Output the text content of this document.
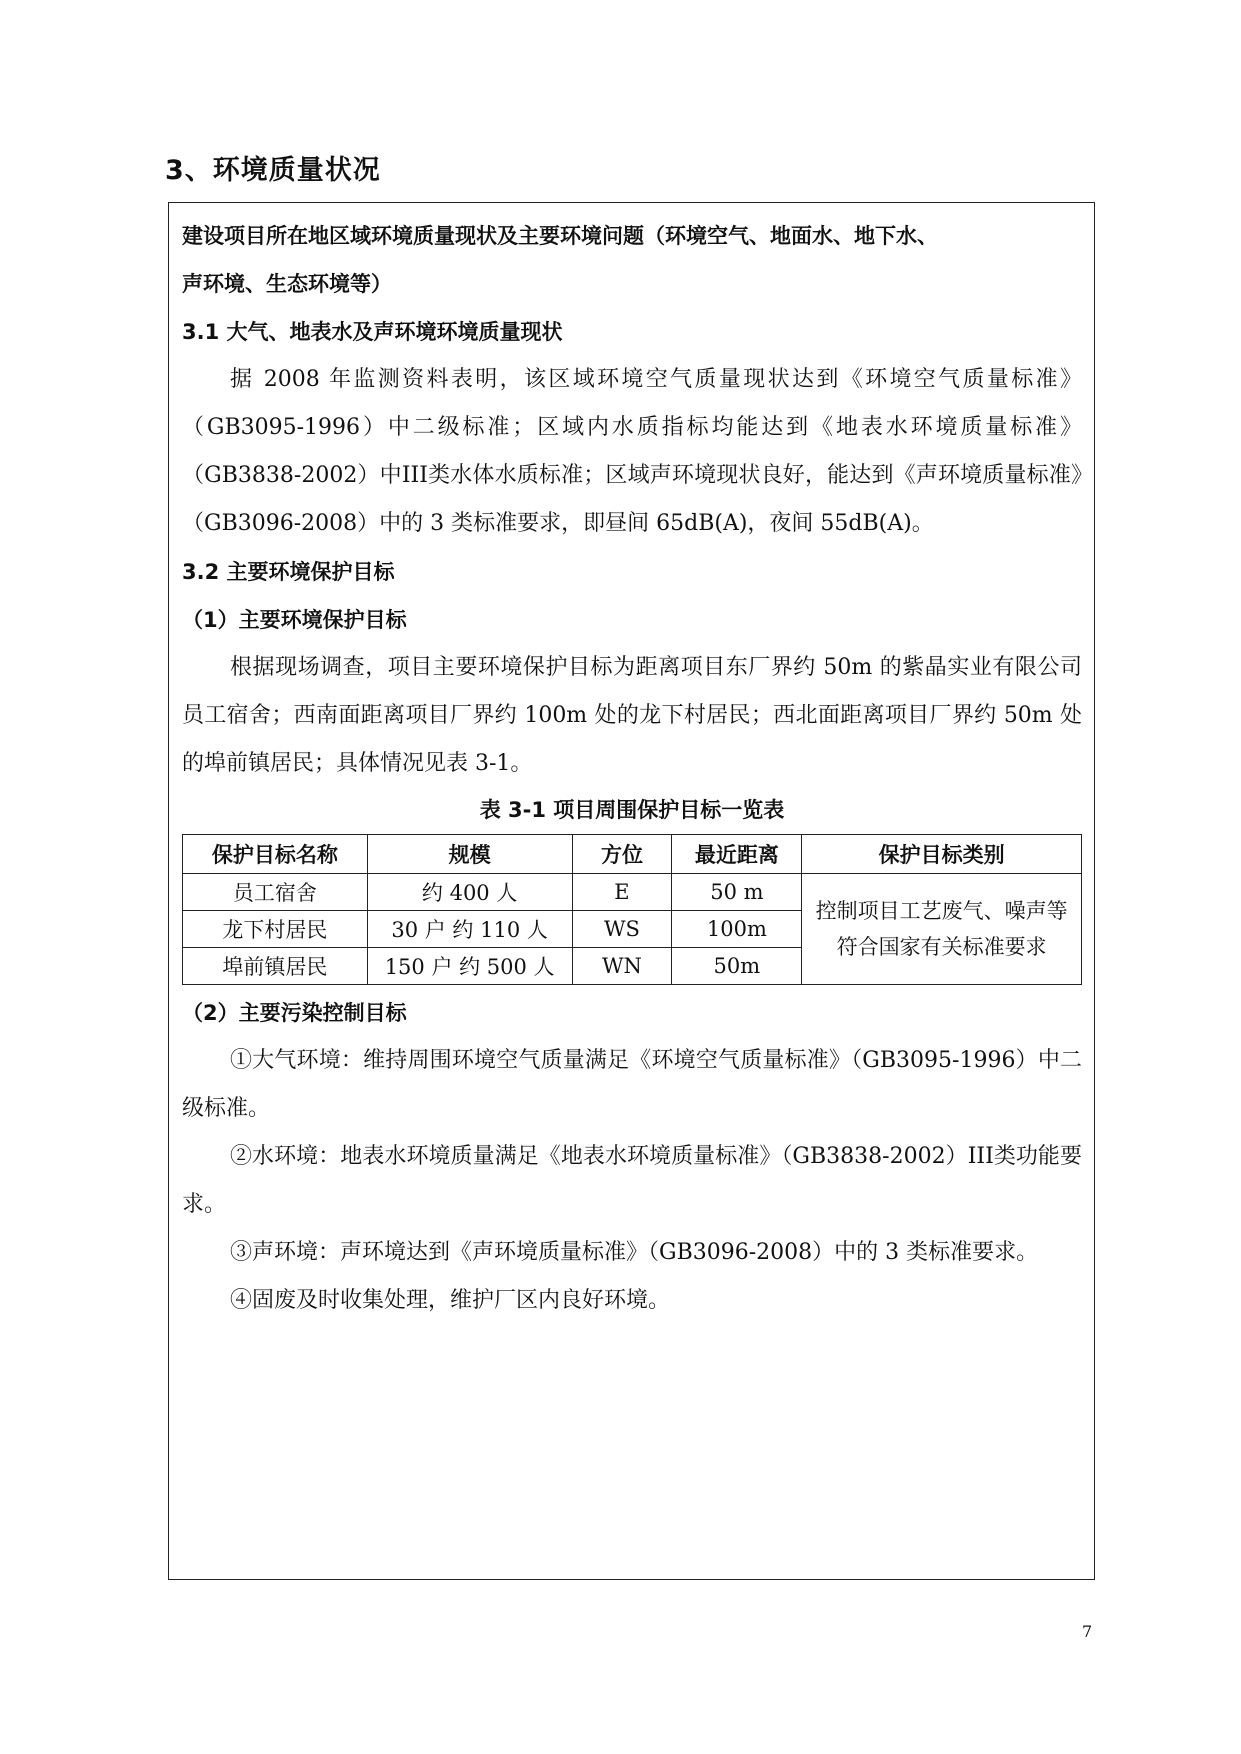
3、环境质量状况
建设项目所在地区域环境质量现状及主要环境问题（环境空气、地面水、地下水、
声环境、生态环境等）
3.1 大气、地表水及声环境环境质量现状
据 2008 年监测资料表明，该区域环境空气质量现状达到《环境空气质量标准》（GB3095-1996）中二级标准；区域内水质指标均能达到《地表水环境质量标准》（GB3838-2002）中III类水体水质标准；区域声环境现状良好，能达到《声环境质量标准》（GB3096-2008）中的 3 类标准要求，即昼间 65dB(A)，夜间 55dB(A)。
3.2 主要环境保护目标
（1）主要环境保护目标
根据现场调查，项目主要环境保护目标为距离项目东厂界约 50m 的紫晶实业有限公司员工宿舍；西南面距离项目厂界约 100m 处的龙下村居民；西北面距离项目厂界约 50m 处的埠前镇居民；具体情况见表 3-1。
表 3-1 项目周围保护目标一览表
保护目标名称	规模	方位	最近距离	保护目标类别
员工宿舍	约 400 人	E	50 m	控制项目工艺废气、噪声等符合国家有关标准要求
龙下村居民	30 户 约 110 人	WS	100m	
埠前镇居民	150 户 约 500 人	WN	50m	
（2）主要污染控制目标
①大气环境：维持周围环境空气质量满足《环境空气质量标准》（GB3095-1996）中二级标准。
②水环境：地表水环境质量满足《地表水环境质量标准》（GB3838-2002）III类功能要求。
③声环境：声环境达到《声环境质量标准》（GB3096-2008）中的 3 类标准要求。
④固废及时收集处理，维护厂区内良好环境。
7
